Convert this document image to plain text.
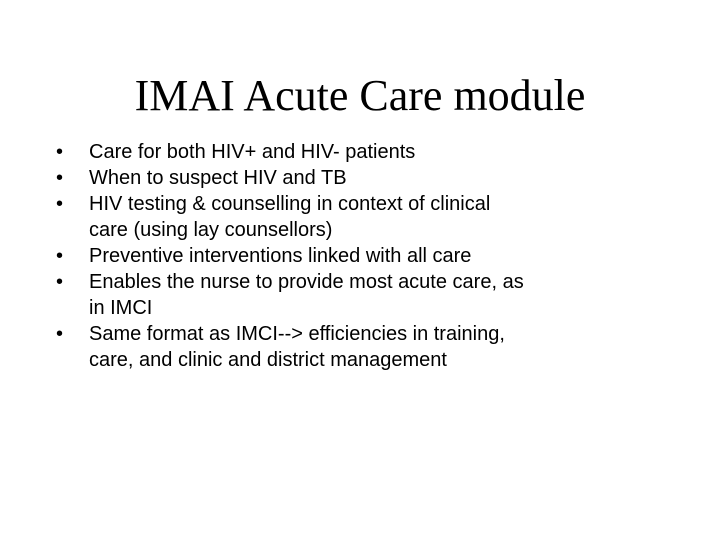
IMAI Acute Care module
•	Care for both HIV+ and HIV- patients
•	When to suspect HIV and TB
•	HIV testing & counselling in context of clinical
care (using lay counsellors)
•	Preventive interventions linked with all care
•	Enables the nurse to provide most acute care, as
in IMCI
•	Same format as IMCI--> efficiencies in training,
care, and clinic and district management
